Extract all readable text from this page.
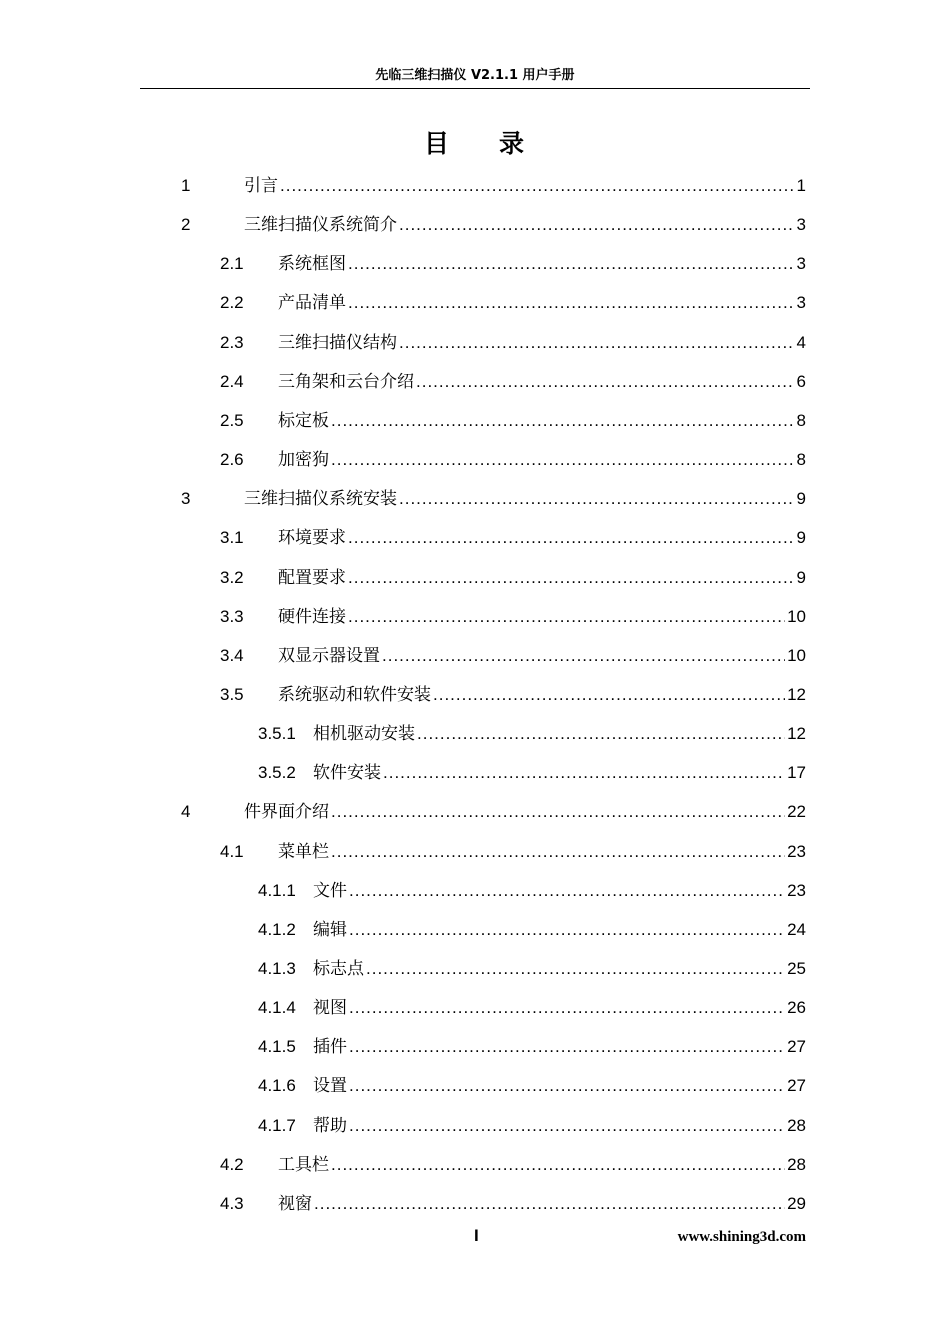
先临三维扫描仪 V2.1.1 用户手册
目 录
1	引言 .....	1
2	三维扫描仪系统简介 .....	3
2.1	系统框图 .....	3
2.2	产品清单 .....	3
2.3	三维扫描仪结构 .....	4
2.4	三角架和云台介绍 .....	6
2.5	标定板 .....	8
2.6	加密狗 .....	8
3	三维扫描仪系统安装 .....	9
3.1	环境要求 .....	9
3.2	配置要求 .....	9
3.3	硬件连接 .....	10
3.4	双显示器设置 .....	10
3.5	系统驱动和软件安装 .....	12
3.5.1	相机驱动安装 .....	12
3.5.2	软件安装 .....	17
4	件界面介绍 .....	22
4.1	菜单栏 .....	23
4.1.1	文件 .....	23
4.1.2	编辑 .....	24
4.1.3	标志点 .....	25
4.1.4	视图 .....	26
4.1.5	插件 .....	27
4.1.6	设置 .....	27
4.1.7	帮助 .....	28
4.2	工具栏 .....	28
4.3	视窗 .....	29
I	www.shining3d.com
